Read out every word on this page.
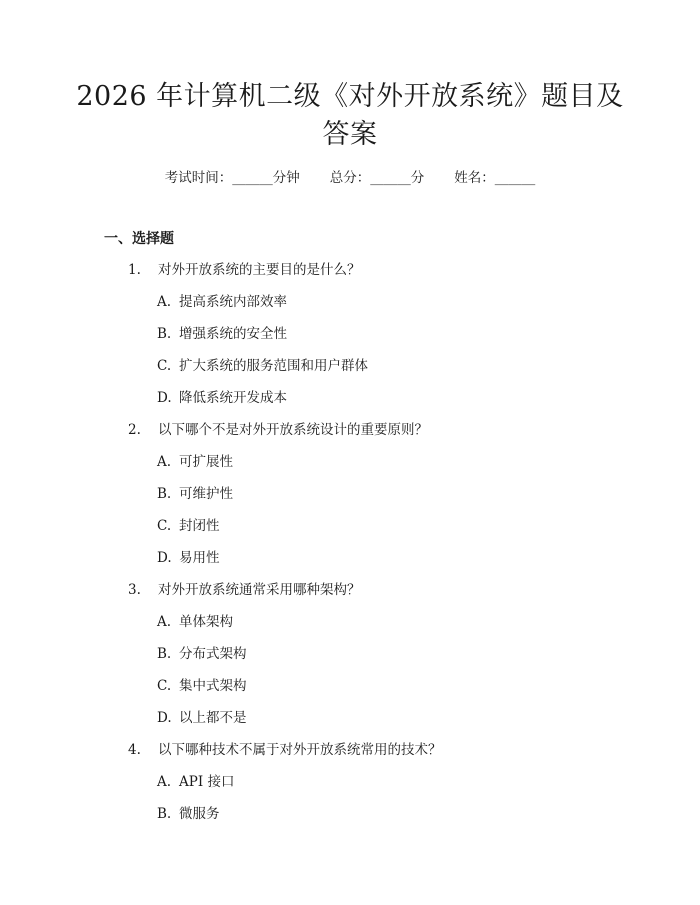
2026 年计算机二级《对外开放系统》题目及
答案
考试时间：______分钟 总分：______分 姓名：______
一、选择题
1. 对外开放系统的主要目的是什么？
A. 提高系统内部效率
B. 增强系统的安全性
C. 扩大系统的服务范围和用户群体
D. 降低系统开发成本
2. 以下哪个不是对外开放系统设计的重要原则？
A. 可扩展性
B. 可维护性
C. 封闭性
D. 易用性
3. 对外开放系统通常采用哪种架构？
A. 单体架构
B. 分布式架构
C. 集中式架构
D. 以上都不是
4. 以下哪种技术不属于对外开放系统常用的技术？
A. API 接口
B. 微服务
